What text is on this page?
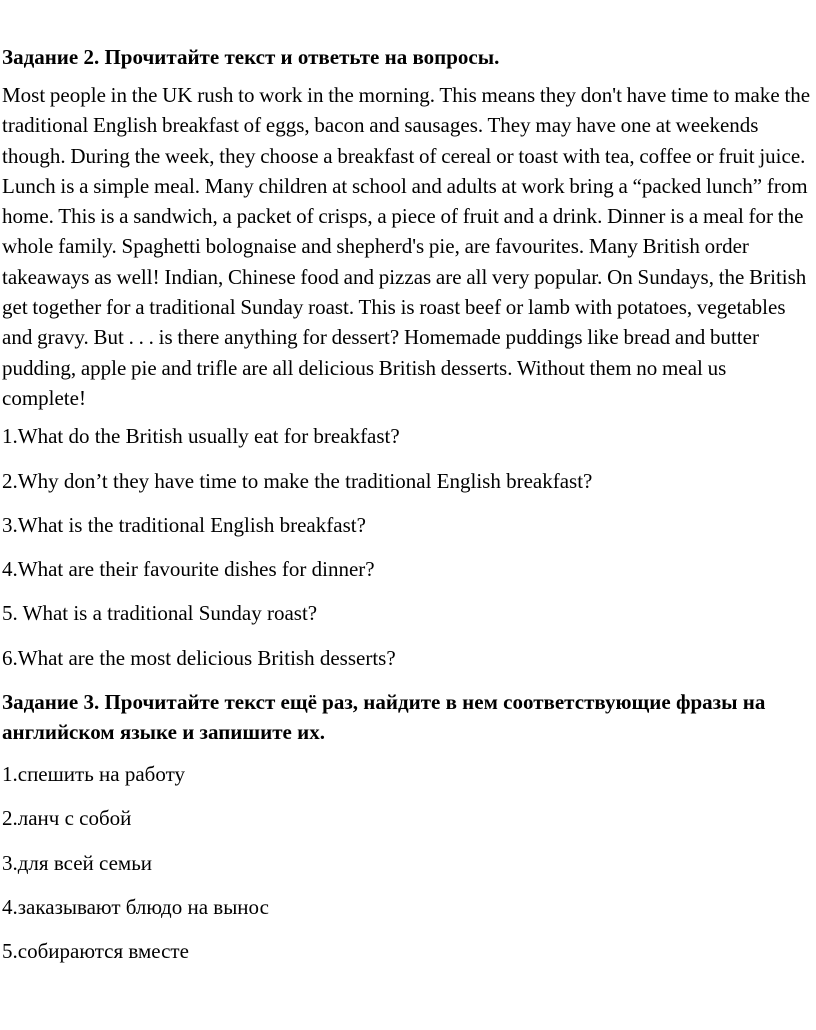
Задание 2. Прочитайте текст и ответьте на вопросы.

Most people in the UK rush to work in the morning. This means they don't have time to make the traditional English breakfast of eggs, bacon and sausages. They may have one at weekends though. During the week, they choose a breakfast of cereal or toast with tea, coffee or fruit juice. Lunch is a simple meal. Many children at school and adults at work bring a “packed lunch” from home. This is a sandwich, a packet of crisps, a piece of fruit and a drink. Dinner is a meal for the whole family. Spaghetti bolognaise and shepherd's pie, are favourites. Many British order takeaways as well! Indian, Chinese food and pizzas are all very popular. On Sundays, the British get together for a traditional Sunday roast. This is roast beef or lamb with potatoes, vegetables and gravy. But . . . is there anything for dessert? Homemade puddings like bread and butter pudding, apple pie and trifle are all delicious British desserts. Without them no meal us complete!

1.What do the British usually eat for breakfast?

2.Why don’t they have time to make the traditional English breakfast?

3.What is the traditional English breakfast?

4.What are their favourite dishes for dinner?

5. What is a traditional Sunday roast?

6.What are the most delicious British desserts?

Задание 3. Прочитайте текст ещё раз, найдите в нем соответствующие фразы на английском языке и запишите их.

1.спешить на работу

2.ланч с собой

3.для всей семьи

4.заказывают блюдо на вынос

5.собираются вместе
